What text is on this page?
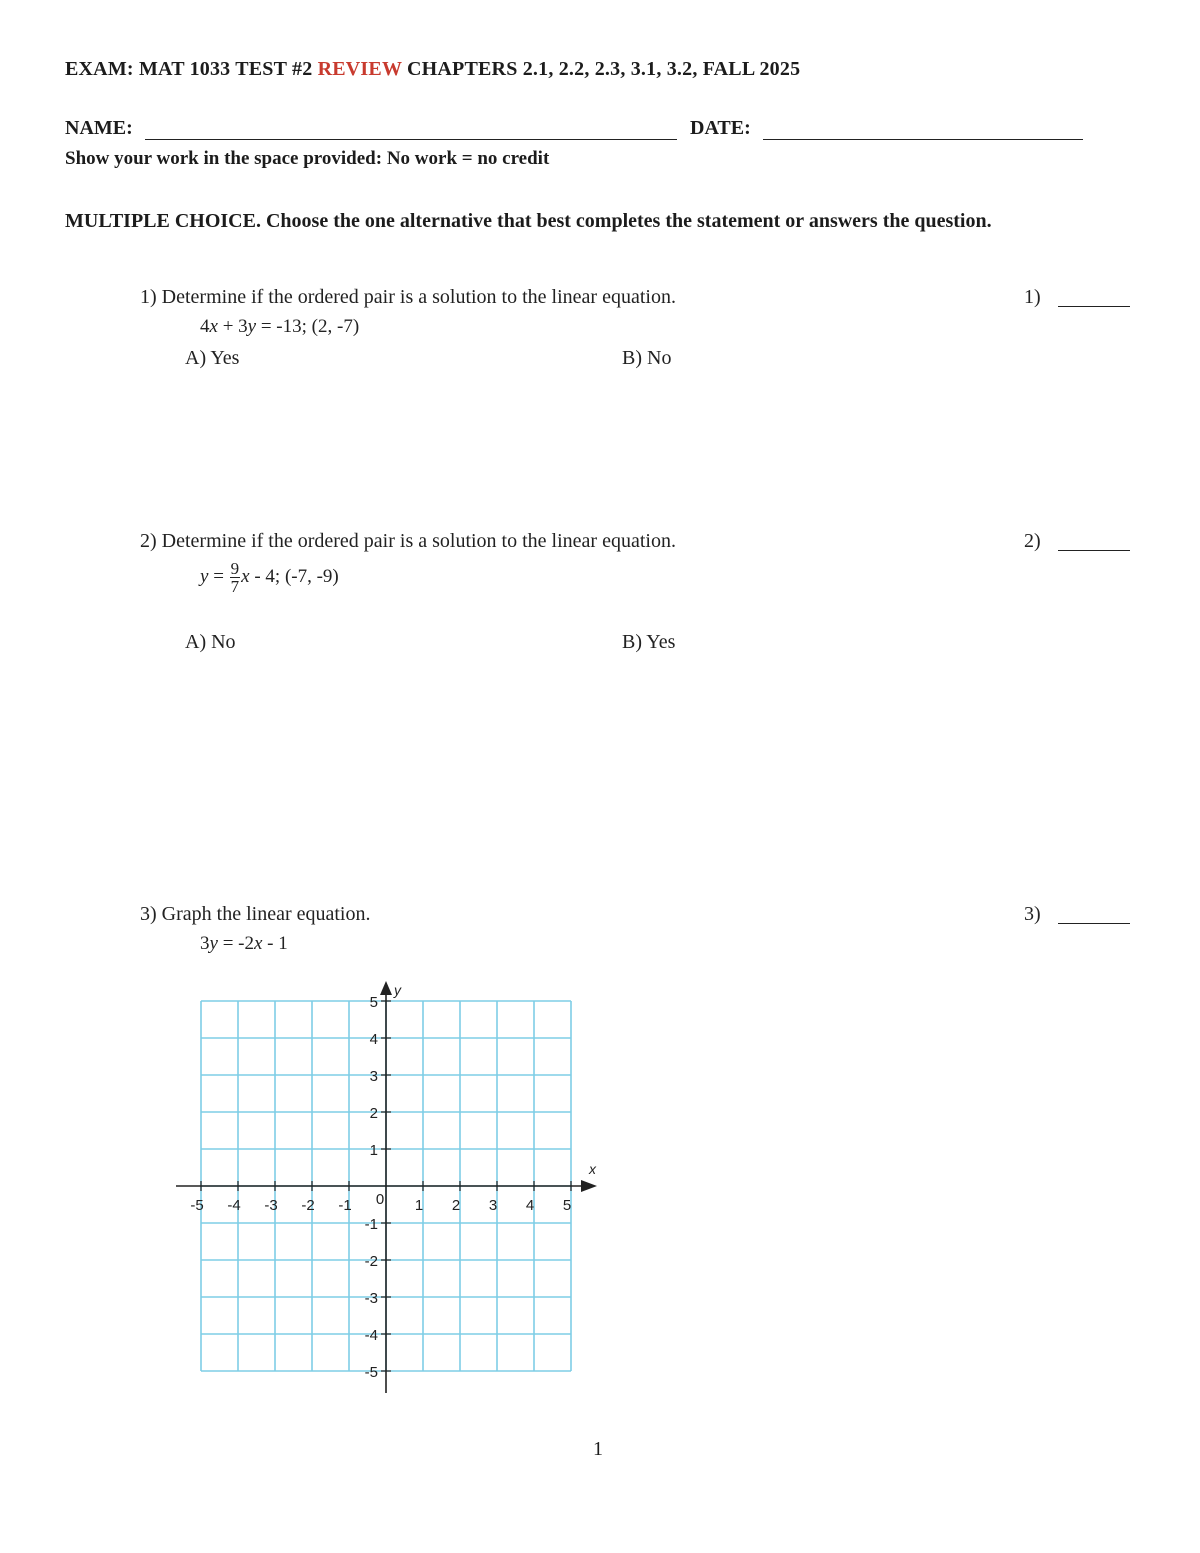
EXAM: MAT 1033 TEST #2 REVIEW CHAPTERS 2.1, 2.2, 2.3, 3.1, 3.2, FALL 2025
NAME:	DATE:
Show your work in the space provided: No work = no credit
MULTIPLE CHOICE. Choose the one alternative that best completes the statement or answers the question.
1) Determine if the ordered pair is a solution to the linear equation.
4x + 3y = -13; (2, -7)
A) Yes	B) No
1)
2) Determine if the ordered pair is a solution to the linear equation.
$y = \frac{9}{7}$ x - 4; (-7, -9)
A) No	B) Yes
2)
3) Graph the linear equation.
3y = -2x - 1
3)
-5 -4 -3 -2 -1	1 2 3 4 5
5
4
3
2
1
-1
-2
-3
-4
-5
0
x
y
1
